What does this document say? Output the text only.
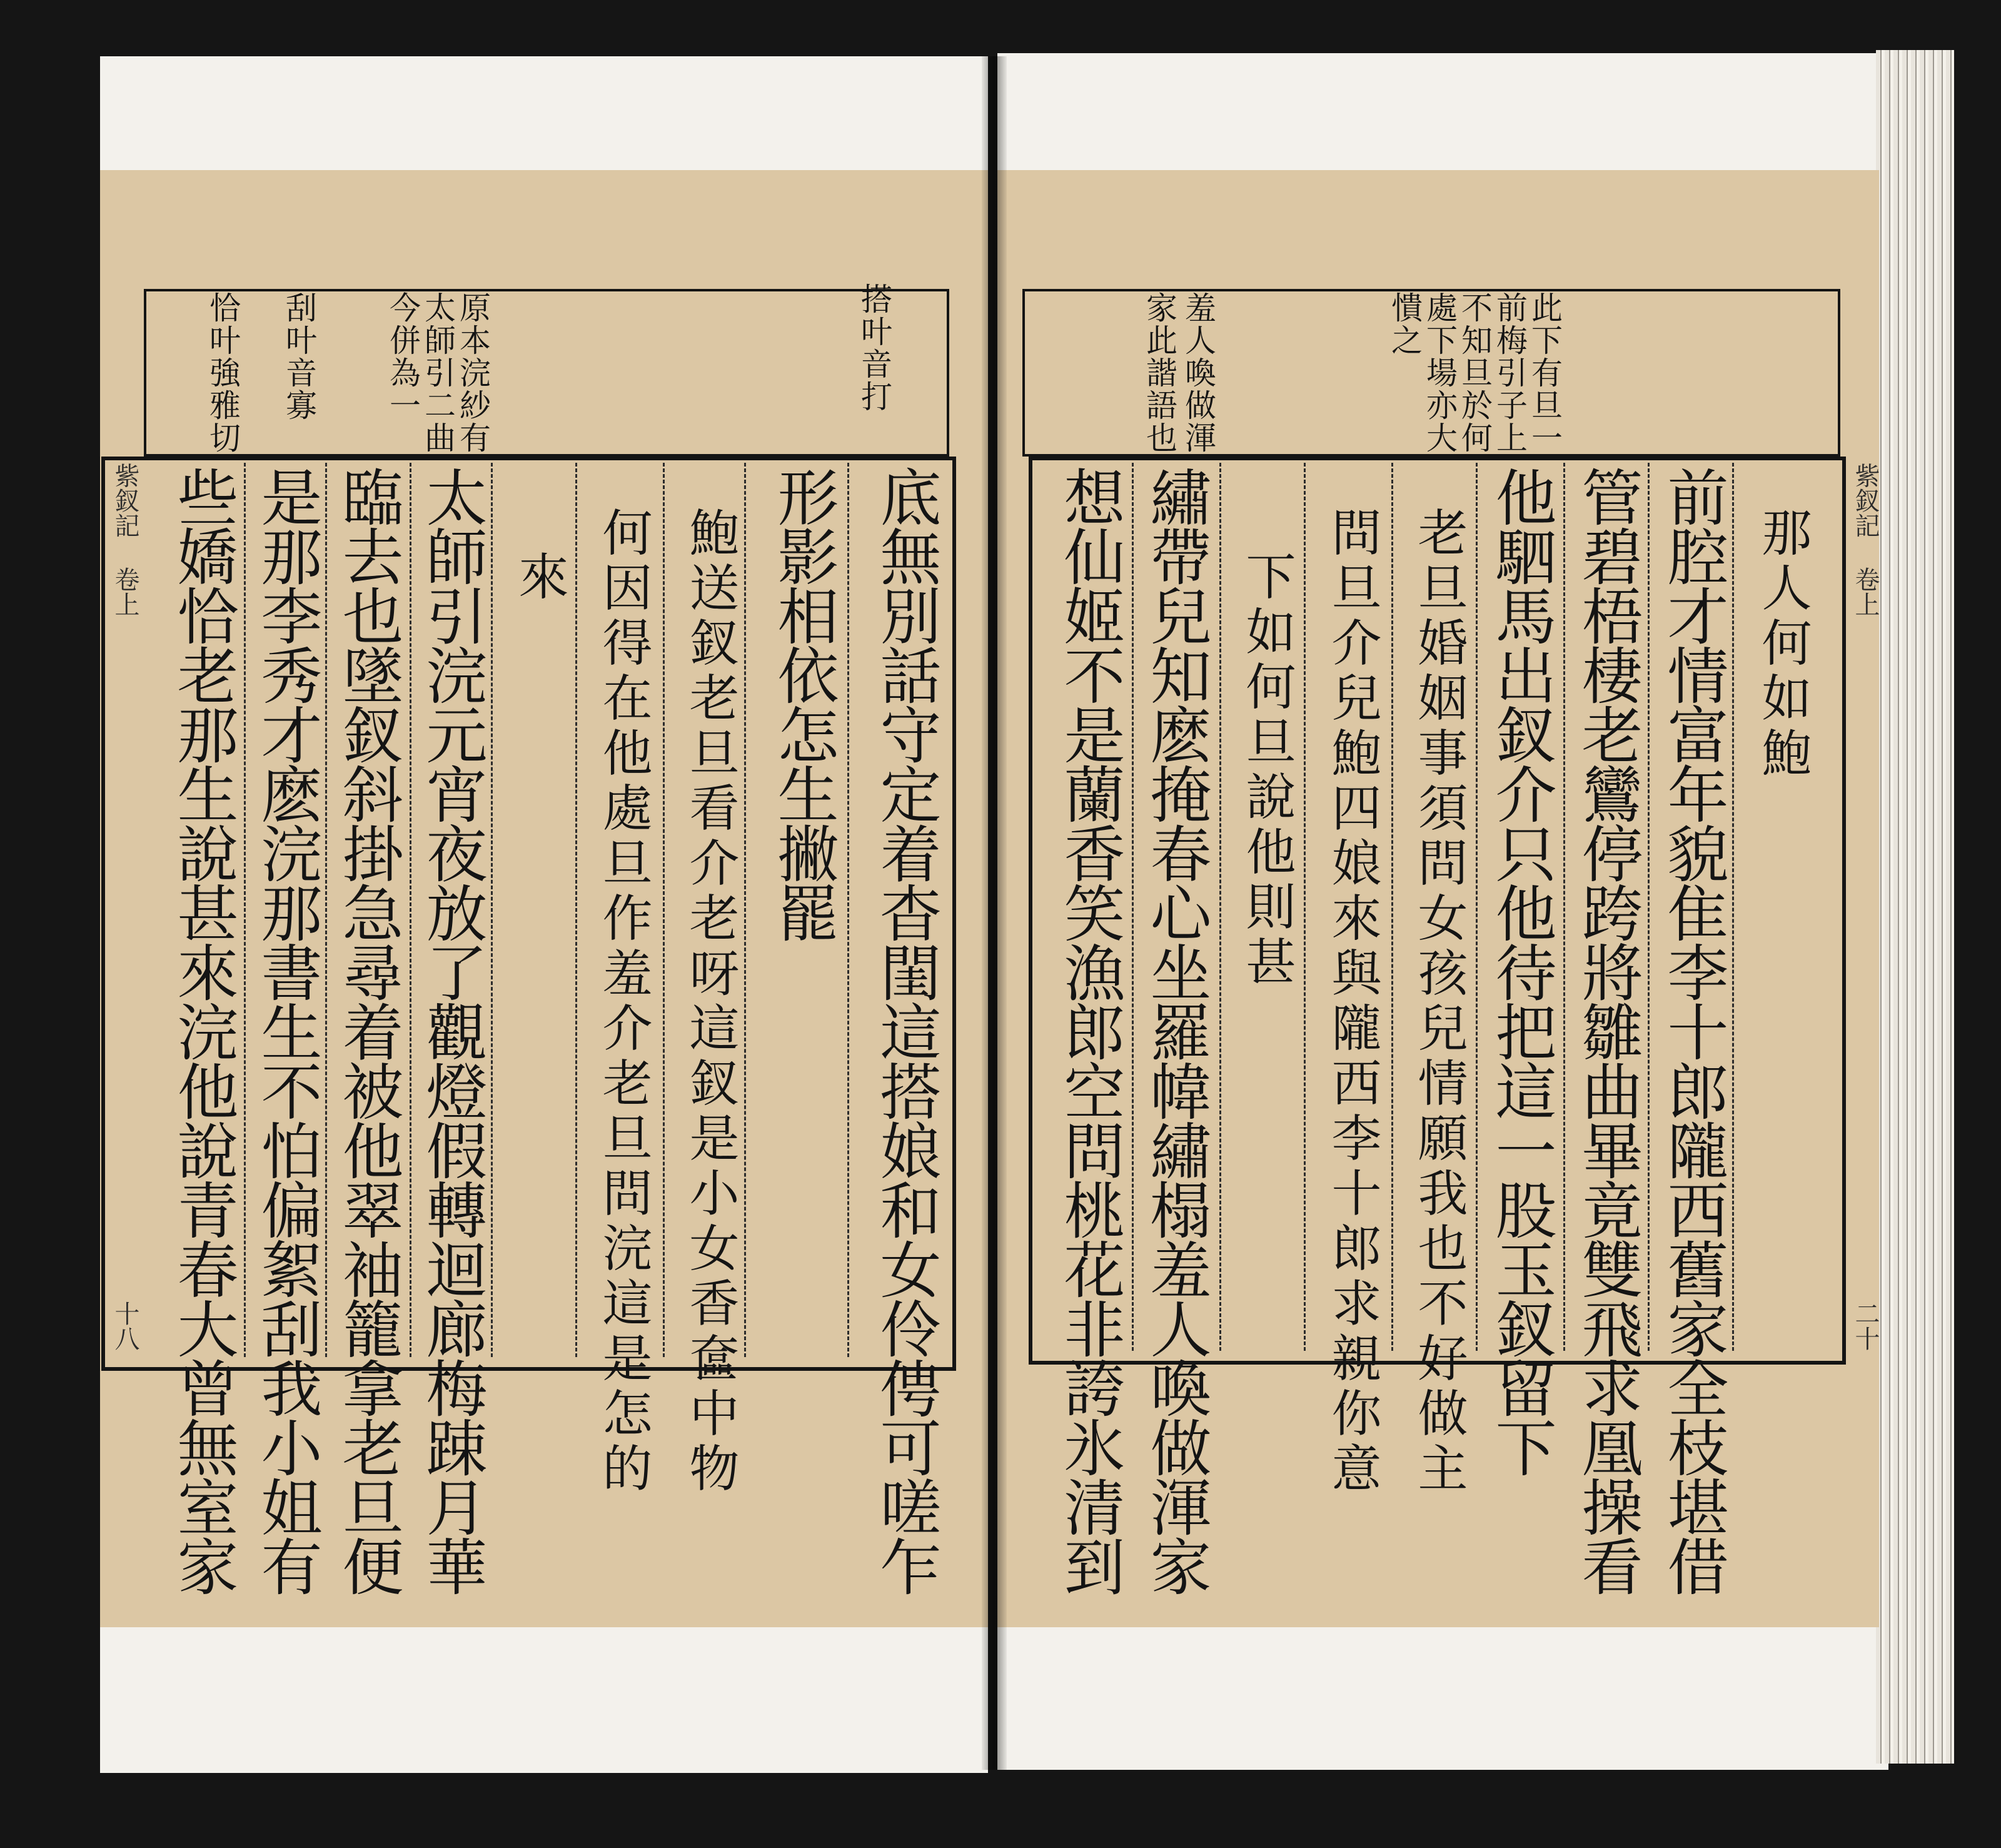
紫釵記 卷上
十八
原本浣紗有
太師引二曲
今併為一
刮叶音寡
恰叶強雅切	搭叶音打
底無別話守定着杳閨這搭娘和女伶俜可嗟乍
形影相依怎生撇罷
鮑送釵老旦看介老呀這釵是小女香奩中物
何因得在他處旦作羞介老旦問浣這是怎的
來
太師引浣元宵夜放了觀燈假轉迴廊梅踈月華
臨去也墜釵斜掛急尋着被他翠袖籠拿老旦便
是那李秀才麽浣那書生不怕偏絮刮我小姐有
些嬌恰老那生說甚來浣他說青春大曾無室家	紫釵記 卷上
二十
此下有旦一
前梅引子上
不知旦於何
處下場亦大
憒之
羞人喚做渾
家此諧語也
那人何如鮑
前腔才情富年貌隹李十郎隴西舊家全枝堪借
管碧梧棲老鸞停跨將雛曲畢竟雙飛求凰操看
他駟馬出釵介只他待把這一股玉釵留下
老旦婚姻事須問女孩兒情願我也不好做主
問旦介兒鮑四娘來與隴西李十郎求親你意
下如何旦說他則甚
繡帶兒知麽掩春心坐羅幃繡榻羞人喚做渾家
想仙姬不是蘭香笑漁郎空問桃花非誇氷清到
